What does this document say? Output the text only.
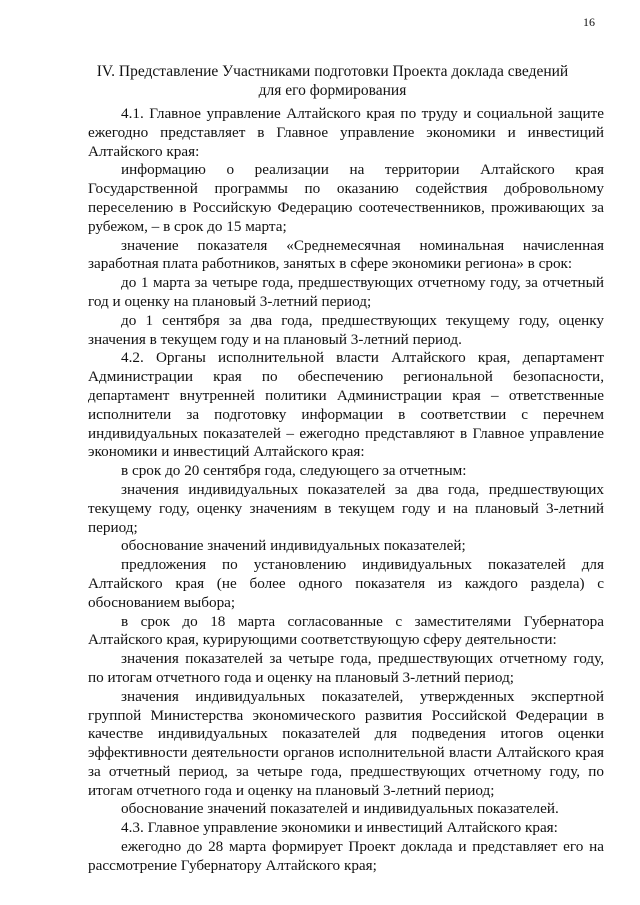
16
IV. Представление Участниками подготовки Проекта доклада сведений для его формирования

4.1. Главное управление Алтайского края по труду и социальной защите ежегодно представляет в Главное управление экономики и инвестиций Алтайского края:

информацию о реализации на территории Алтайского края Государственной программы по оказанию содействия добровольному переселению в Российскую Федерацию соотечественников, проживающих за рубежом, – в срок до 15 марта;

значение показателя «Среднемесячная номинальная начисленная заработная плата работников, занятых в сфере экономики региона» в срок:

до 1 марта за четыре года, предшествующих отчетному году, за отчетный год и оценку на плановый 3-летний период;

до 1 сентября за два года, предшествующих текущему году, оценку значения в текущем году и на плановый 3-летний период.

4.2. Органы исполнительной власти Алтайского края, департамент Администрации края по обеспечению региональной безопасности, департамент внутренней политики Администрации края – ответственные исполнители за подготовку информации в соответствии с перечнем индивидуальных показателей – ежегодно представляют в Главное управление экономики и инвестиций Алтайского края:

в срок до 20 сентября года, следующего за отчетным:

значения индивидуальных показателей за два года, предшествующих текущему году, оценку значениям в текущем году и на плановый 3-летний период;

обоснование значений индивидуальных показателей;

предложения по установлению индивидуальных показателей для Алтайского края (не более одного показателя из каждого раздела) с обоснованием выбора;

в срок до 18 марта согласованные с заместителями Губернатора Алтайского края, курирующими соответствующую сферу деятельности:

значения показателей за четыре года, предшествующих отчетному году, по итогам отчетного года и оценку на плановый 3-летний период;

значения индивидуальных показателей, утвержденных экспертной группой Министерства экономического развития Российской Федерации в качестве индивидуальных показателей для подведения итогов оценки эффективности деятельности органов исполнительной власти Алтайского края за отчетный период, за четыре года, предшествующих отчетному году, по итогам отчетного года и оценку на плановый 3-летний период;

обоснование значений показателей и индивидуальных показателей.

4.3. Главное управление экономики и инвестиций Алтайского края:

ежегодно до 28 марта формирует Проект доклада и представляет его на рассмотрение Губернатору Алтайского края;
